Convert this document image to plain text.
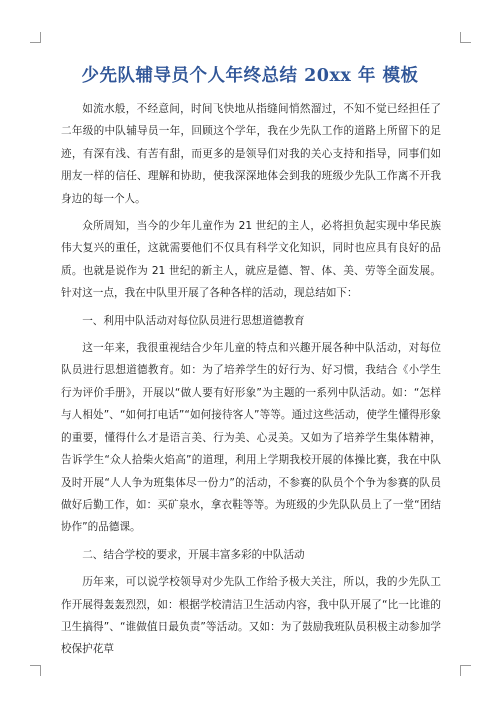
少先队辅导员个人年终总结 20xx 年 模板

如流水般，不经意间，时间飞快地从指缝间悄然溜过，不知不觉已经担任了二年级的中队辅导员一年，回顾这个学年，我在少先队工作的道路上所留下的足迹，有深有浅、有苦有甜，而更多的是领导们对我的关心支持和指导，同事们如朋友一样的信任、理解和协助，使我深深地体会到我的班级少先队工作离不开我身边的每一个人。

众所周知，当今的少年儿童作为 21 世纪的主人，必将担负起实现中华民族伟大复兴的重任，这就需要他们不仅具有科学文化知识，同时也应具有良好的品质。也就是说作为 21 世纪的新主人，就应是德、智、体、美、劳等全面发展。针对这一点，我在中队里开展了各种各样的活动，现总结如下：

一、利用中队活动对每位队员进行思想道德教育

这一年来，我很重视结合少年儿童的特点和兴趣开展各种中队活动，对每位队员进行思想道德教育。如：为了培养学生的好行为、好习惯，我结合《小学生行为评价手册》，开展以“做人要有好形象”为主题的一系列中队活动。如：“怎样与人相处”、“如何打电话”“如何接待客人”等等。通过这些活动，使学生懂得形象的重要，懂得什么才是语言美、行为美、心灵美。又如为了培养学生集体精神，告诉学生“众人拾柴火焰高”的道理，利用上学期我校开展的体操比赛，我在中队及时开展“人人争为班集体尽一份力”的活动，不参赛的队员个个争为参赛的队员做好后勤工作，如：买矿泉水，拿衣鞋等等。为班级的少先队队员上了一堂“团结协作”的品德课。

二、结合学校的要求，开展丰富多彩的中队活动

历年来，可以说学校领导对少先队工作给予极大关注，所以，我的少先队工作开展得轰轰烈烈，如：根据学校清洁卫生活动内容，我中队开展了“比一比谁的卫生搞得”、“谁做值日最负责”等活动。又如：为了鼓励我班队员积极主动参加学校保护花草
